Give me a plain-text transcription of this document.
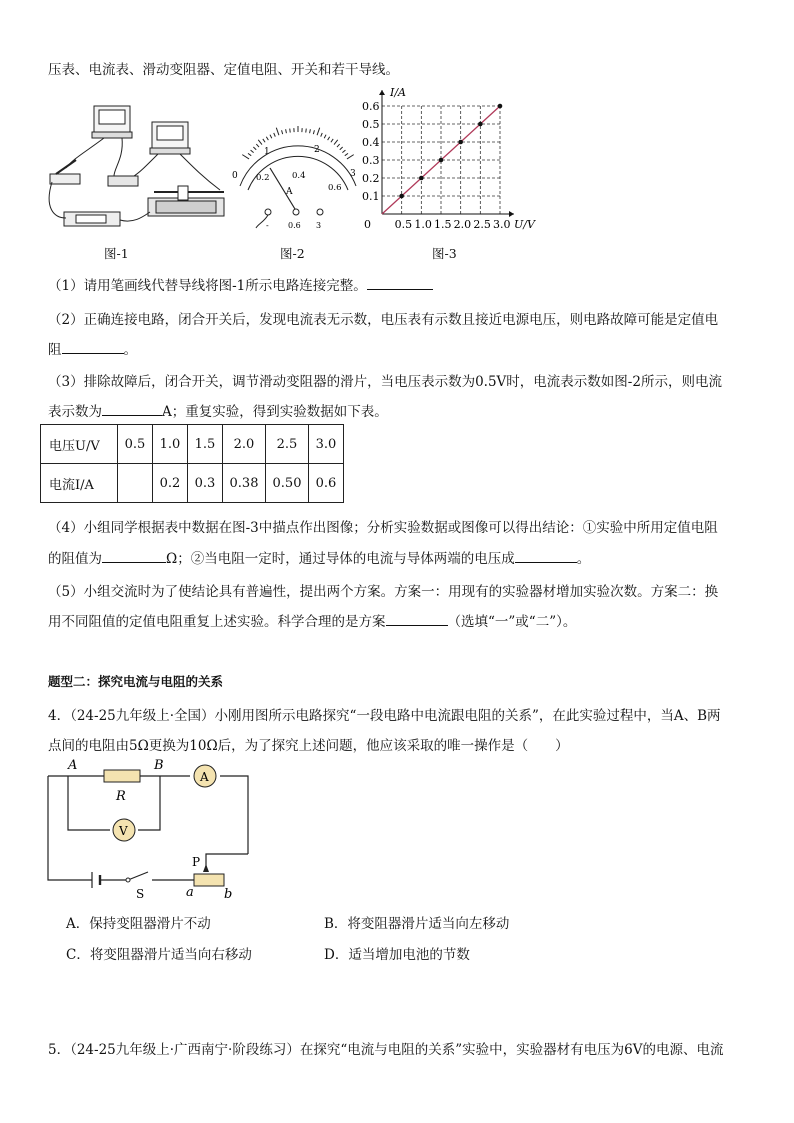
压表、电流表、滑动变阻器、定值电阻、开关和若干导线。
图-1
0
1	2
3
0.2	0.4
0.6
A
- 0.6 3
图-2
0 0.5 1.0 1.5 2.0 2.5 3.0
0.1
0.2
0.3
0.4
0.5
0.6
I/A
U/V
图-3
（1）请用笔画线代替导线将图-1所示电路连接完整。
（2）正确连接电路，闭合开关后，发现电流表无示数，电压表有示数且接近电源电压，则电路故障可能是定值电
阻	。
（3）排除故障后，闭合开关，调节滑动变阻器的滑片，当电压表示数为0.5V时，电流表示数如图-2所示，则电流
表示数为	A；重复实验，得到实验数据如下表。
电压U/V	0.5	1.0	1.5	2.0	2.5	3.0
电流I/A		0.2	0.3	0.38	0.50	0.6
（4）小组同学根据表中数据在图-3中描点作出图像；分析实验数据或图像可以得出结论：①实验中所用定值电阻
的阻值为	Ω；②当电阻一定时，通过导体的电流与导体两端的电压成	。
（5）小组交流时为了使结论具有普遍性，提出两个方案。方案一：用现有的实验器材增加实验次数。方案二：换
用不同阻值的定值电阻重复上述实验。科学合理的是方案	（选填“一”或“二”）。
题型二：探究电流与电阻的关系
4．（24-25九年级上·全国）小刚用图所示电路探究“一段电路中电流跟电阻的关系”，在此实验过程中，当A、B两
点间的电阻由5Ω更换为10Ω后，为了探究上述问题，他应该采取的唯一操作是（　　）
A
V
A	B
R
a b
P
S
A．保持变阻器滑片不动	B．将变阻器滑片适当向左移动
C．将变阻器滑片适当向右移动	D．适当增加电池的节数
5．（24-25九年级上·广西南宁·阶段练习）在探究“电流与电阻的关系”实验中，实验器材有电压为6V的电源、电流
